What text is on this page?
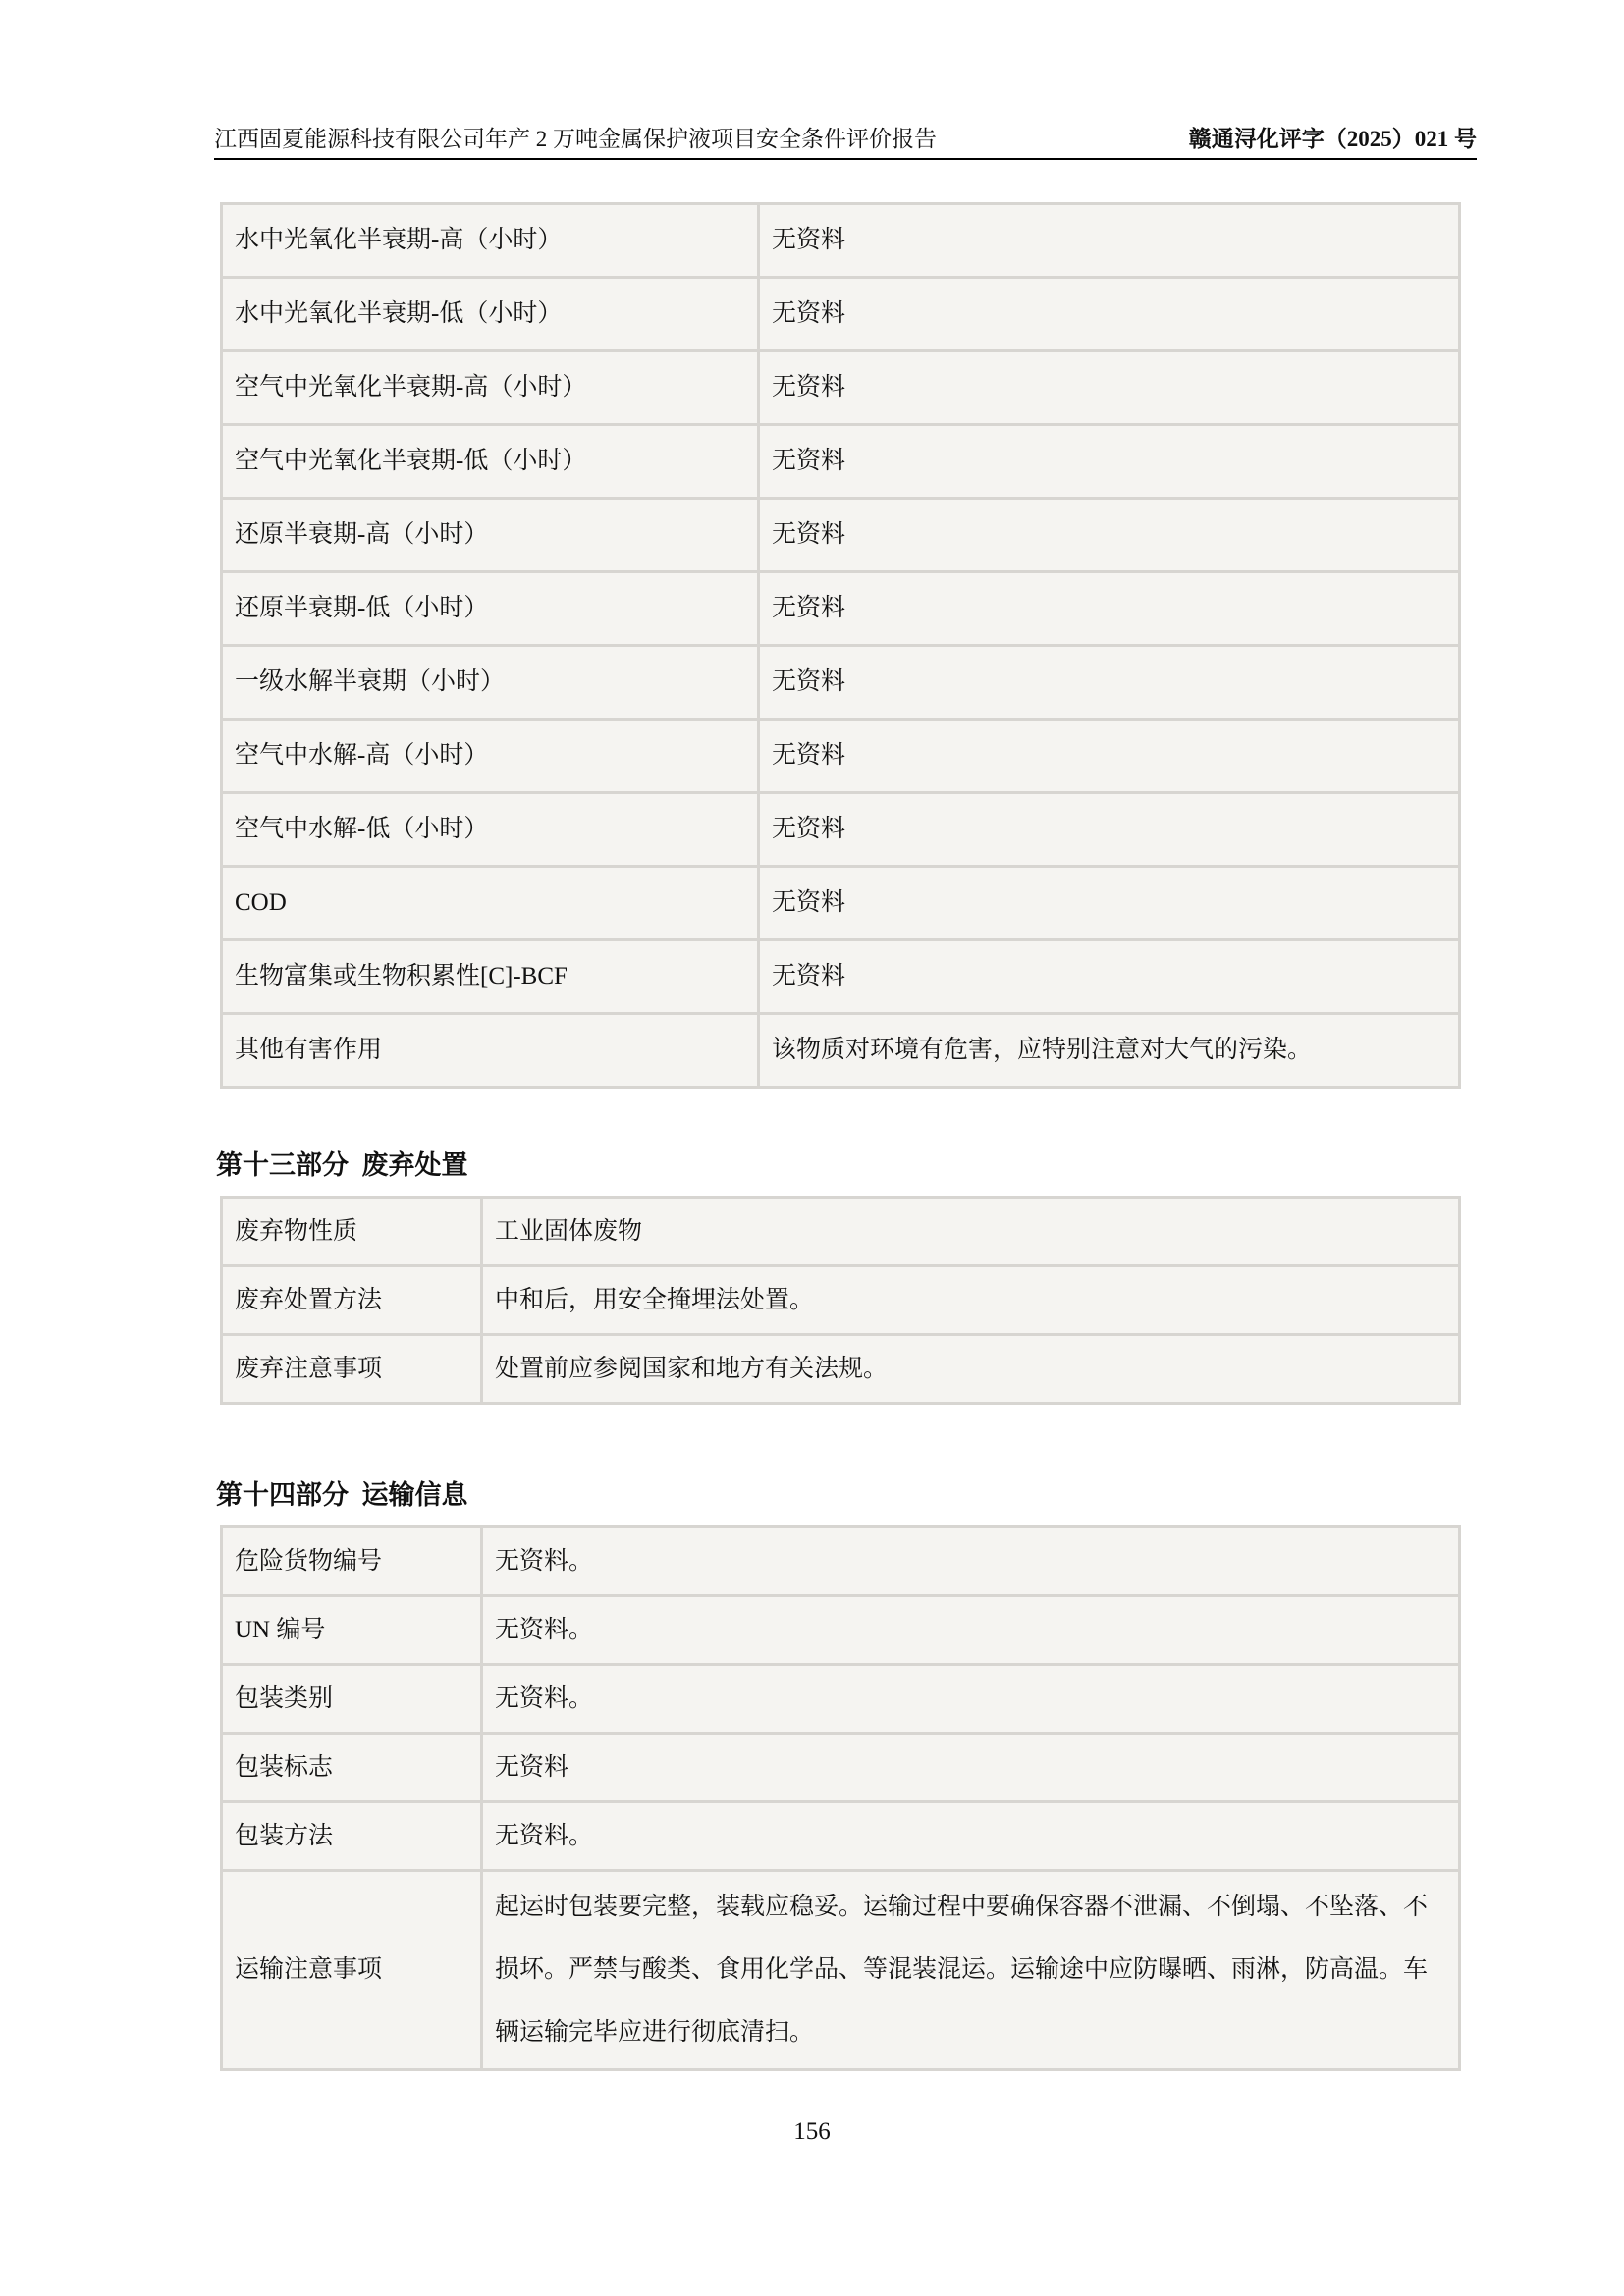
江西固夏能源科技有限公司年产 2 万吨金属保护液项目安全条件评价报告	赣通浔化评字（2025）021 号
水中光氧化半衰期-高（小时）	无资料
水中光氧化半衰期-低（小时）	无资料
空气中光氧化半衰期-高（小时）	无资料
空气中光氧化半衰期-低（小时）	无资料
还原半衰期-高（小时）	无资料
还原半衰期-低（小时）	无资料
一级水解半衰期（小时）	无资料
空气中水解-高（小时）	无资料
空气中水解-低（小时）	无资料
COD	无资料
生物富集或生物积累性[C]-BCF	无资料
其他有害作用	该物质对环境有危害，应特别注意对大气的污染。
第十三部分  废弃处置
废弃物性质	工业固体废物
废弃处置方法	中和后，用安全掩埋法处置。
废弃注意事项	处置前应参阅国家和地方有关法规。
第十四部分  运输信息
危险货物编号	无资料。
UN 编号	无资料。
包装类别	无资料。
包装标志	无资料
包装方法	无资料。
运输注意事项	起运时包装要完整，装载应稳妥。运输过程中要确保容器不泄漏、不倒塌、不坠落、不损坏。严禁与酸类、食用化学品、等混装混运。运输途中应防曝晒、雨淋，防高温。车辆运输完毕应进行彻底清扫。
156
